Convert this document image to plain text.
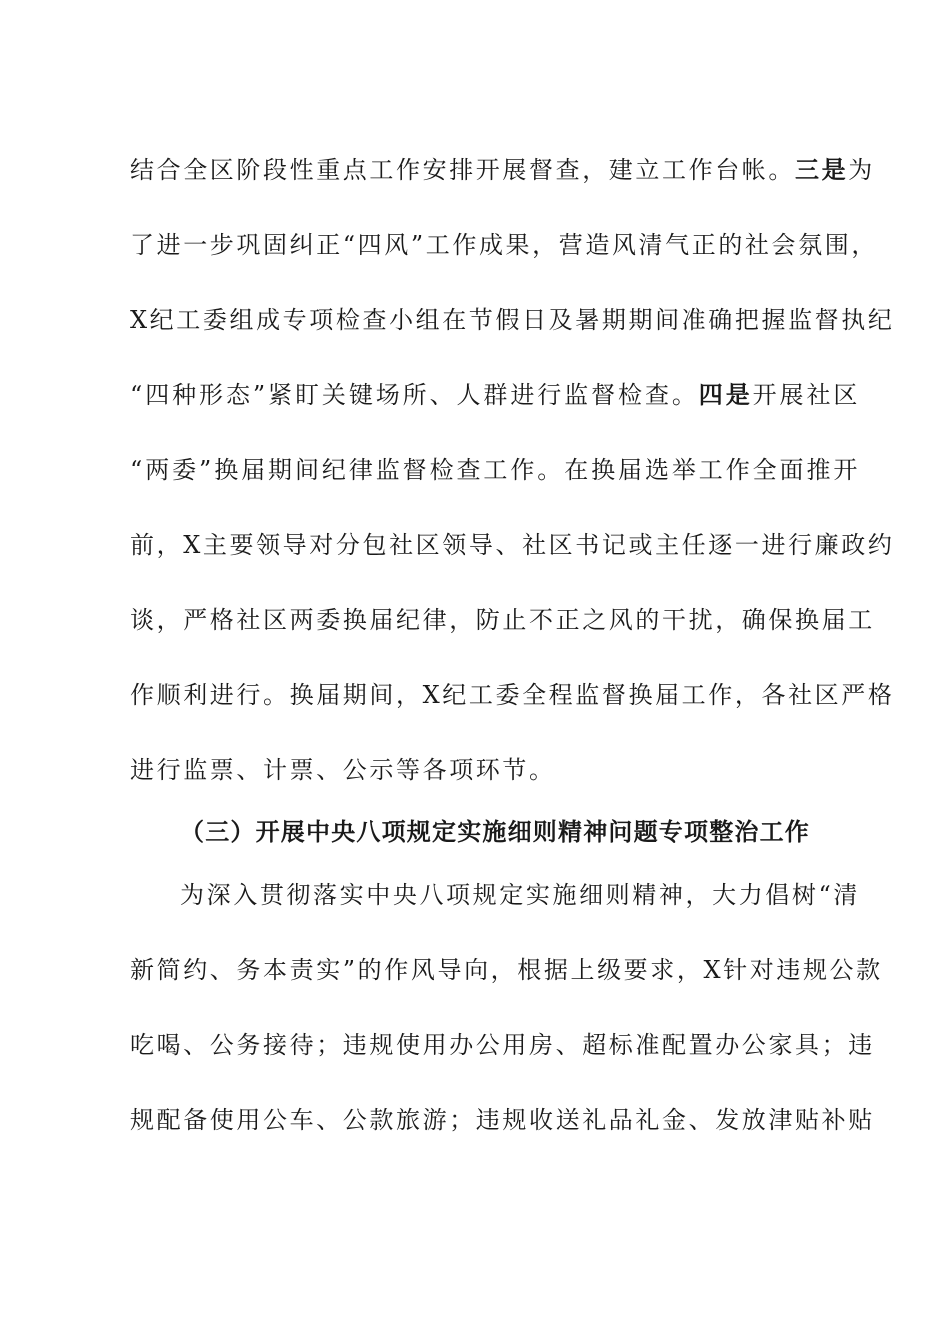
结合全区阶段性重点工作安排开展督查，建立工作台帐。三是为
了进一步巩固纠正“四风”工作成果，营造风清气正的社会氛围，
X纪工委组成专项检查小组在节假日及暑期期间准确把握监督执纪
“四种形态”紧盯关键场所、人群进行监督检查。四是开展社区
“两委”换届期间纪律监督检查工作。在换届选举工作全面推开
前，X主要领导对分包社区领导、社区书记或主任逐一进行廉政约
谈，严格社区两委换届纪律，防止不正之风的干扰，确保换届工
作顺利进行。换届期间，X纪工委全程监督换届工作，各社区严格
进行监票、计票、公示等各项环节。
（三）开展中央八项规定实施细则精神问题专项整治工作
为深入贯彻落实中央八项规定实施细则精神，大力倡树“清
新简约、务本责实”的作风导向，根据上级要求，X针对违规公款
吃喝、公务接待；违规使用办公用房、超标准配置办公家具；违
规配备使用公车、公款旅游；违规收送礼品礼金、发放津贴补贴
